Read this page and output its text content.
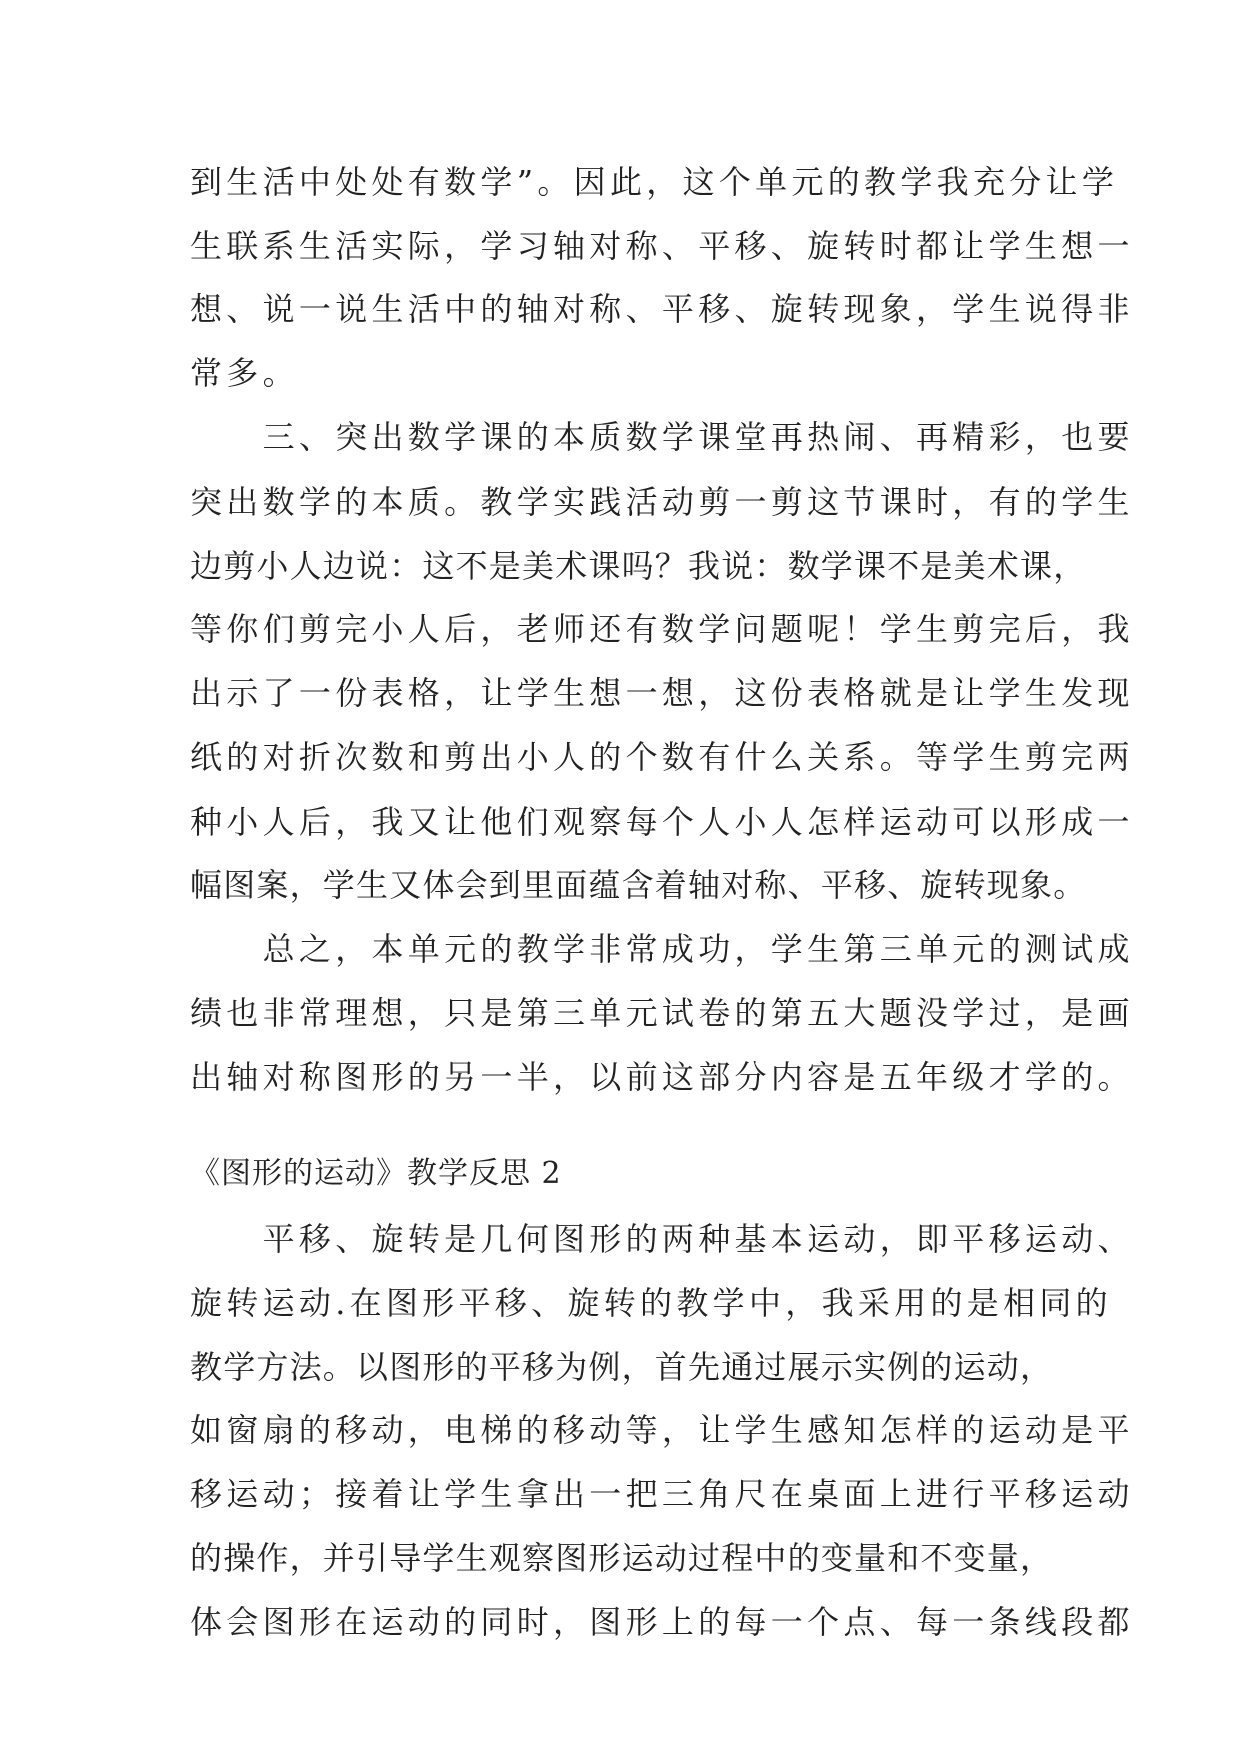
到生活中处处有数学”。因此，这个单元的教学我充分让学
生联系生活实际，学习轴对称、平移、旋转时都让学生想一
想、说一说生活中的轴对称、平移、旋转现象，学生说得非
常多。
　　三、突出数学课的本质数学课堂再热闹、再精彩，也要
突出数学的本质。教学实践活动剪一剪这节课时，有的学生
边剪小人边说：这不是美术课吗？我说：数学课不是美术课，
等你们剪完小人后，老师还有数学问题呢！学生剪完后，我
出示了一份表格，让学生想一想，这份表格就是让学生发现
纸的对折次数和剪出小人的个数有什么关系。等学生剪完两
种小人后，我又让他们观察每个人小人怎样运动可以形成一
幅图案，学生又体会到里面蕴含着轴对称、平移、旋转现象。
　　总之，本单元的教学非常成功，学生第三单元的测试成
绩也非常理想，只是第三单元试卷的第五大题没学过，是画
出轴对称图形的另一半，以前这部分内容是五年级才学的。
《图形的运动》教学反思 2
　　平移、旋转是几何图形的两种基本运动，即平移运动、
旋转运动.在图形平移、旋转的教学中，我采用的是相同的
教学方法。以图形的平移为例，首先通过展示实例的运动，
如窗扇的移动，电梯的移动等，让学生感知怎样的运动是平
移运动；接着让学生拿出一把三角尺在桌面上进行平移运动
的操作，并引导学生观察图形运动过程中的变量和不变量，
体会图形在运动的同时，图形上的每一个点、每一条线段都
